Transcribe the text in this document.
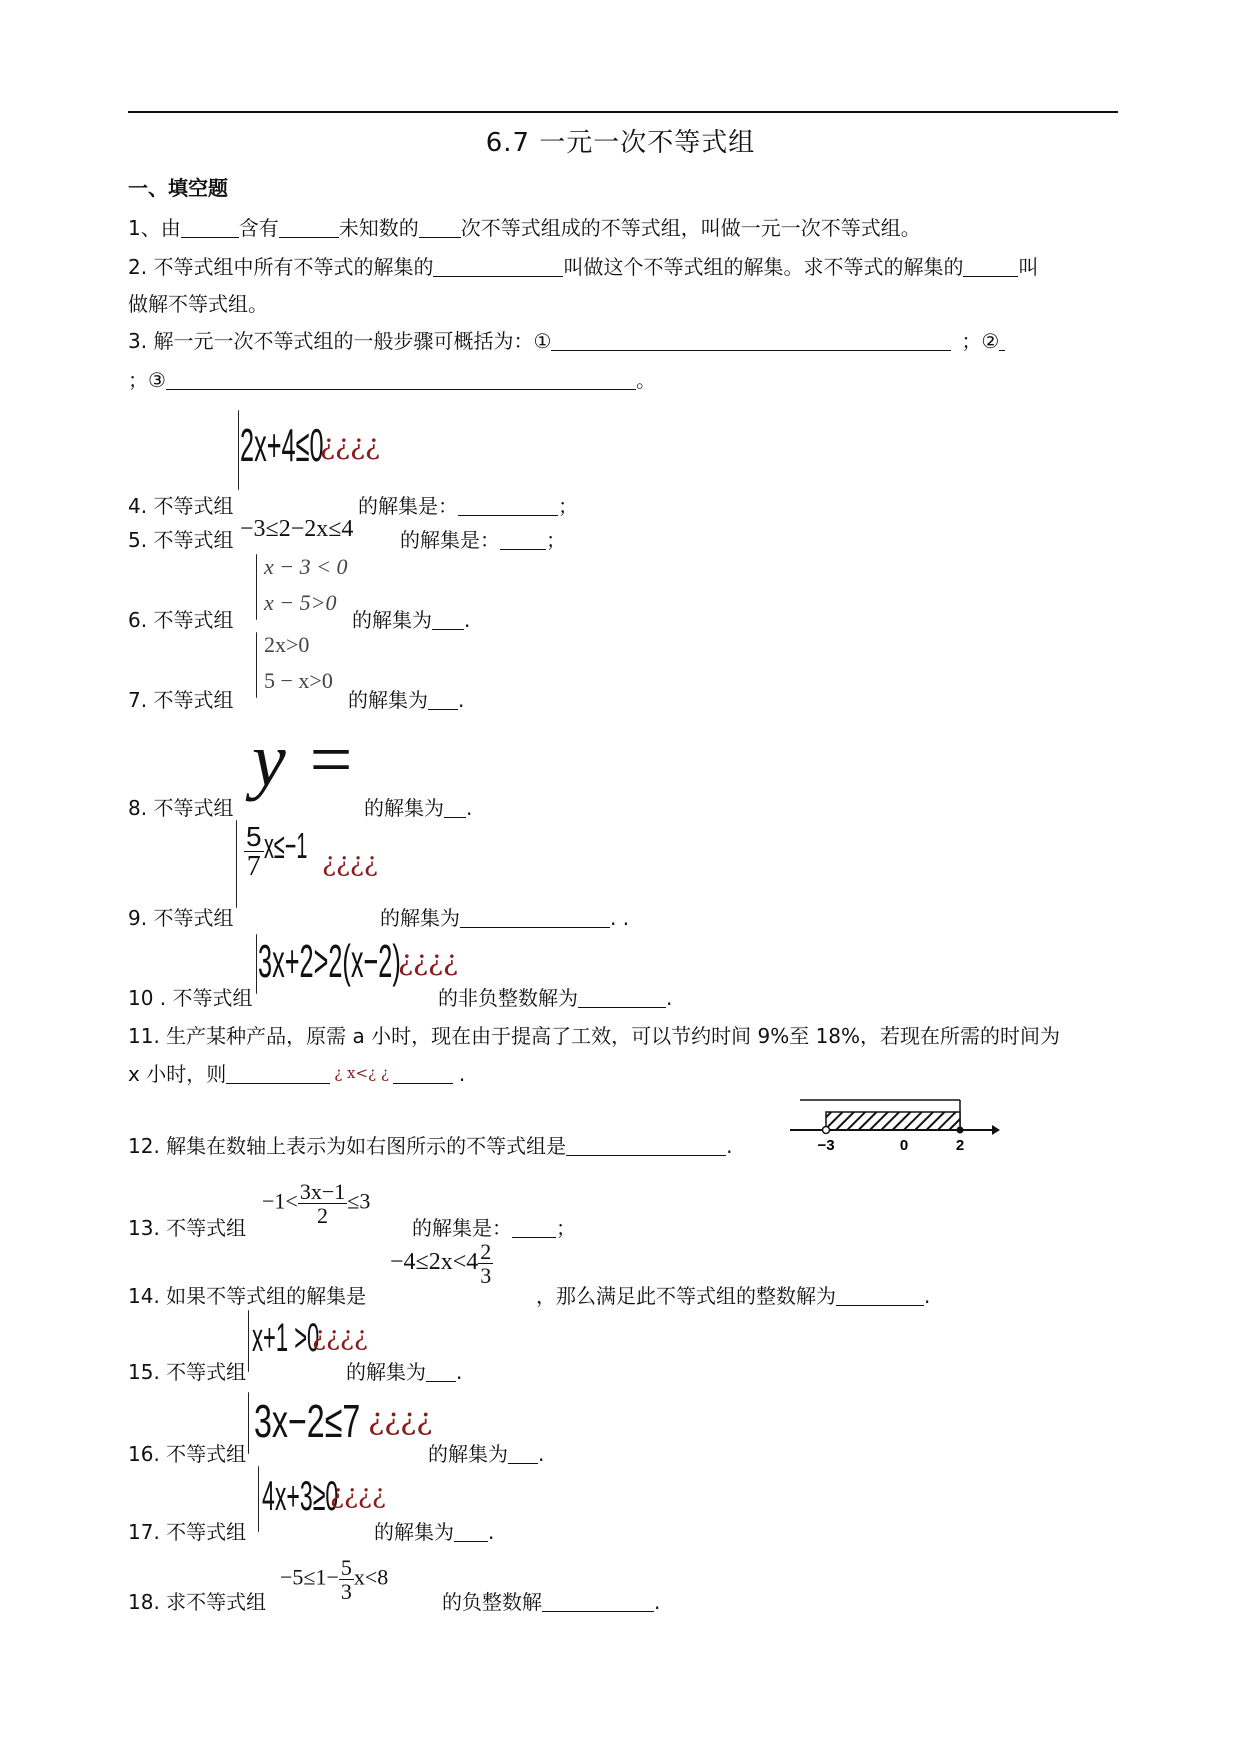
6.7 一元一次不等式组
一、填空题
1、由	含有	未知数的 次不等式组成的不等式组，叫做一元一次不等式组。
2. 不等式组中所有不等式的解集的	叫做这个不等式组的解集。求不等式的解集的	叫
做解不等式组。
3. 解一元一次不等式组的一般步骤可概括为：①	；②
；③	。
2x+4≤0
¿¿¿¿
4. 不等式组	的解集是：	；
5. 不等式组 −3≤2−2x≤4 的解集是： ；
x − 3 < 0
x − 5>0
6. 不等式组	的解集为 .
2x>0
5 − x>0
7. 不等式组	的解集为 .
y =
8. 不等式组	的解集为 .
$\frac{5}{7} x\le-1$ ¿¿¿¿
9. 不等式组	的解集为	. .
3x+2>2(x−2)
¿¿¿¿
10 . 不等式组	的非负整数解为	.
11. 生产某种产品，原需 a 小时，现在由于提高了工效，可以节约时间 9%至 18%，若现在所需的时间为
x 小时，则	¿ x<¿ ¿	.
12. 解集在数轴上表示为如右图所示的不等式组是	.	−3	0	2
$-1< \frac{3x-1}{2} \le 3$
13. 不等式组	的解集是： ；
$-4\le 2x<4 \frac{2}{3}$
14. 如果不等式组的解集是	，那么满足此不等式组的整数解为	.
x+1 >0
¿¿¿¿
15. 不等式组	的解集为 .
3x−2≤7 ¿¿¿¿
16. 不等式组	的解集为 .
4x+3≥0
¿¿¿¿
17. 不等式组	的解集为 .
$-5\le 1- \frac{5}{3} x<8$
18. 求不等式组	的负整数解	.
